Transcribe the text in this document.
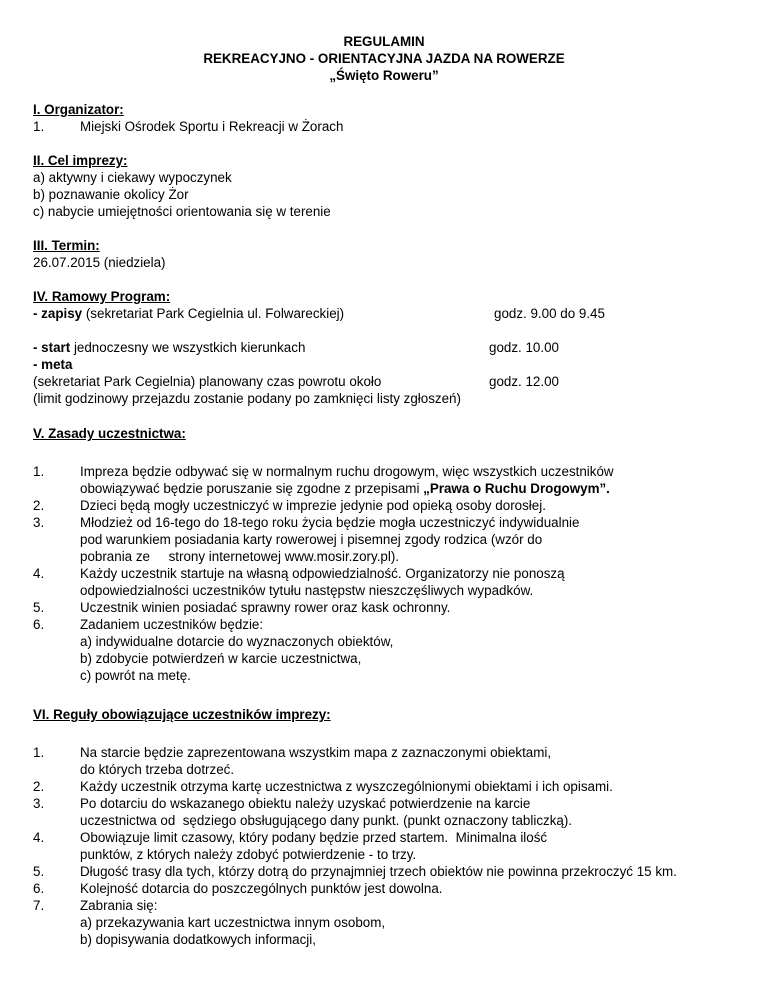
REGULAMIN
REKREACYJNO - ORIENTACYJNA JAZDA NA ROWERZE
„Święto Roweru”
I. Organizator:
1.	Miejski Ośrodek Sportu i Rekreacji w Żorach
II. Cel imprezy:
a) aktywny i ciekawy wypoczynek
b) poznawanie okolicy Żor
c) nabycie umiejętności orientowania się w terenie
III. Termin:
26.07.2015 (niedziela)
IV. Ramowy Program:
- zapisy (sekretariat Park Cegielnia ul. Folwareckiej)	godz. 9.00 do 9.45
- start jednoczesny we wszystkich kierunkach	godz. 10.00
- meta
(sekretariat Park Cegielnia) planowany czas powrotu około	godz. 12.00
(limit godzinowy przejazdu zostanie podany po zamknięci listy zgłoszeń)
V. Zasady uczestnictwa:
1.	Impreza będzie odbywać się w normalnym ruchu drogowym, więc wszystkich uczestników
obowiązywać będzie poruszanie się zgodne z przepisami „Prawa o Ruchu Drogowym”.
2.	Dzieci będą mogły uczestniczyć w imprezie jedynie pod opieką osoby dorosłej.
3.	Młodzież od 16-tego do 18-tego roku życia będzie mogła uczestniczyć indywidualnie
pod warunkiem posiadania karty rowerowej i pisemnej zgody rodzica (wzór do
pobrania ze     strony internetowej www.mosir.zory.pl).
4.	Każdy uczestnik startuje na własną odpowiedzialność. Organizatorzy nie ponoszą
odpowiedzialności uczestników tytułu następstw nieszczęśliwych wypadków.
5.	Uczestnik winien posiadać sprawny rower oraz kask ochronny.
6.	Zadaniem uczestników będzie:
a) indywidualne dotarcie do wyznaczonych obiektów,
b) zdobycie potwierdzeń w karcie uczestnictwa,
c) powrót na metę.
VI. Reguły obowiązujące uczestników imprezy:
1.	Na starcie będzie zaprezentowana wszystkim mapa z zaznaczonymi obiektami,
do których trzeba dotrzeć.
2.	Każdy uczestnik otrzyma kartę uczestnictwa z wyszczególnionymi obiektami i ich opisami.
3.	Po dotarciu do wskazanego obiektu należy uzyskać potwierdzenie na karcie
uczestnictwa od  sędziego obsługującego dany punkt. (punkt oznaczony tabliczką).
4.	Obowiązuje limit czasowy, który podany będzie przed startem.  Minimalna ilość
punktów, z których należy zdobyć potwierdzenie - to trzy.
5.	Długość trasy dla tych, którzy dotrą do przynajmniej trzech obiektów nie powinna przekroczyć 15 km.
6.	Kolejność dotarcia do poszczególnych punktów jest dowolna.
7.	Zabrania się:
a) przekazywania kart uczestnictwa innym osobom,
b) dopisywania dodatkowych informacji,
